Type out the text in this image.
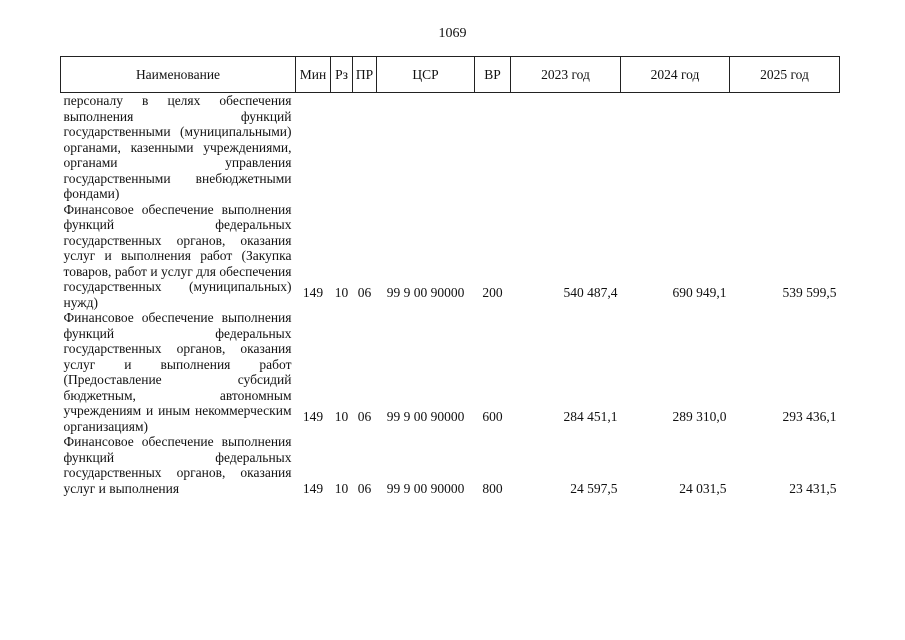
1069
Наименование	Мин	Рз	ПР	ЦСР	ВР	2023 год	2024 год	2025 год
персоналу в целях обеспечения выполнения функций государственными (муниципальными) органами, казенными учреждениями, органами управления государственными внебюджетными фондами)								
Финансовое обеспечение выполнения функций федеральных государственных органов, оказания услуг и выполнения работ (Закупка товаров, работ и услуг для обеспечения государственных (муниципальных) нужд)	149	10	06	99 9 00 90000	200	540 487,4	690 949,1	539 599,5
Финансовое обеспечение выполнения функций федеральных государственных органов, оказания услуг и выполнения работ (Предоставление субсидий бюджетным, автономным учреждениям и иным некоммерческим организациям)	149	10	06	99 9 00 90000	600	284 451,1	289 310,0	293 436,1
Финансовое обеспечение выполнения функций федеральных государственных органов, оказания услуг и выполнения	149	10	06	99 9 00 90000	800	24 597,5	24 031,5	23 431,5
